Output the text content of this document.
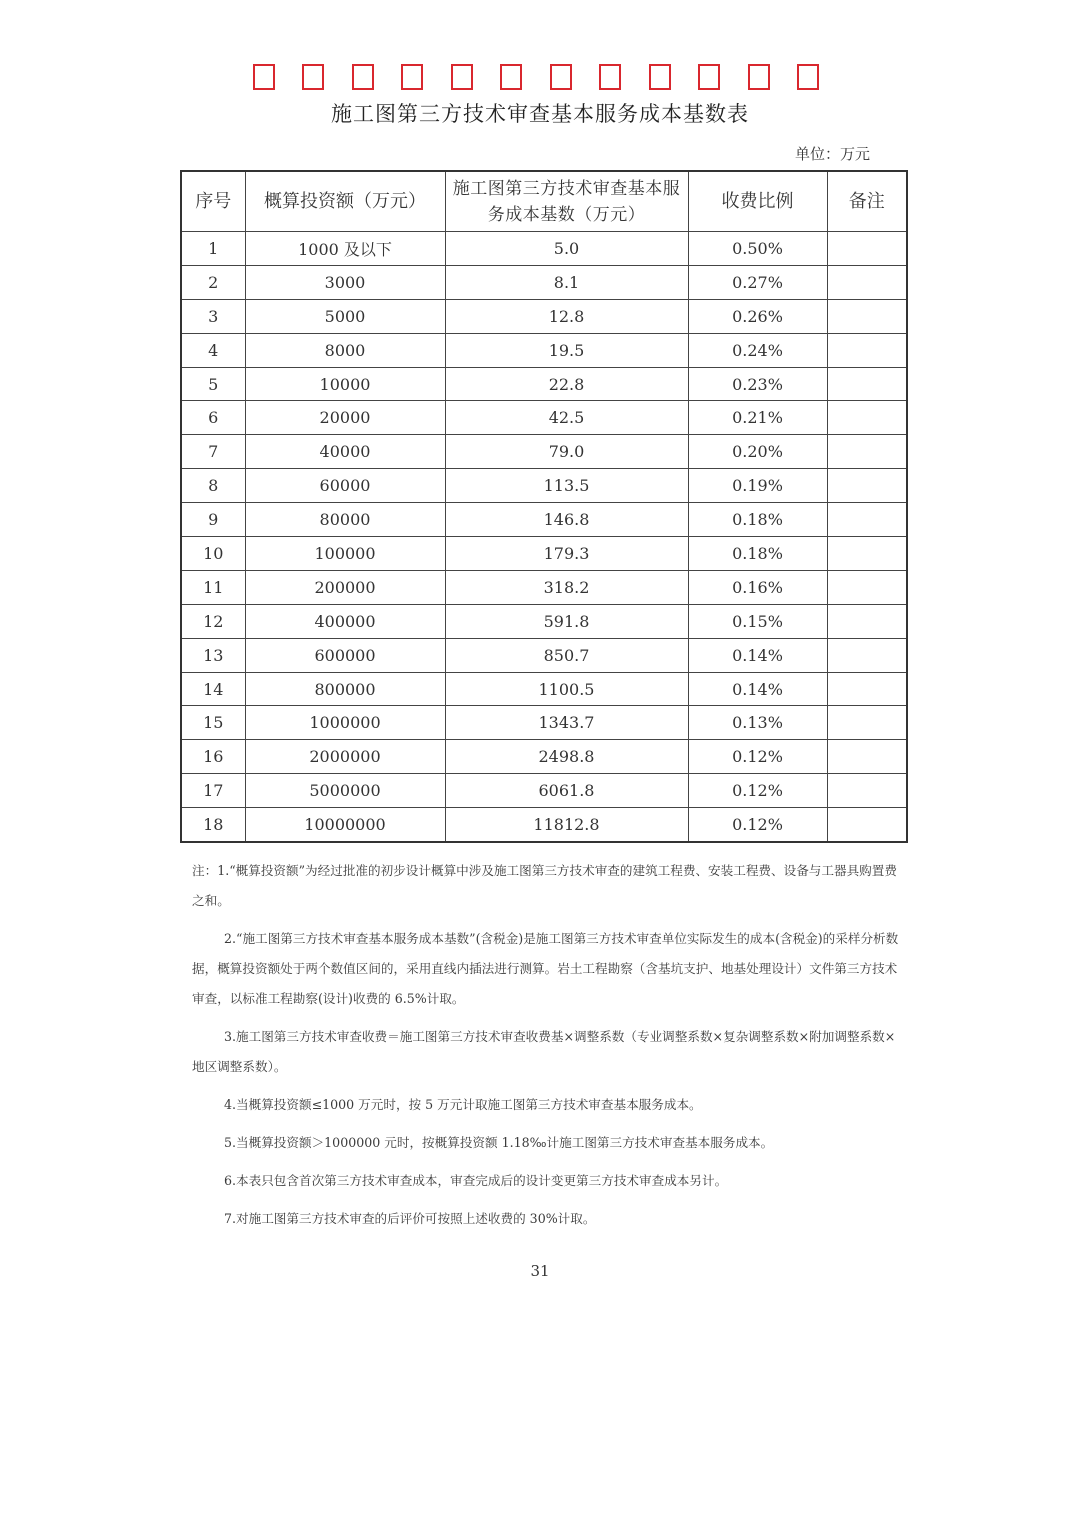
施工图第三方技术审查基本服务成本基数表
单位：万元
序号	概算投资额（万元）	施工图第三方技术审查基本服务成本基数（万元）	收费比例	备注
1	1000 及以下	5.0	0.50%	
2	3000	8.1	0.27%	
3	5000	12.8	0.26%	
4	8000	19.5	0.24%	
5	10000	22.8	0.23%	
6	20000	42.5	0.21%	
7	40000	79.0	0.20%	
8	60000	113.5	0.19%	
9	80000	146.8	0.18%	
10	100000	179.3	0.18%	
11	200000	318.2	0.16%	
12	400000	591.8	0.15%	
13	600000	850.7	0.14%	
14	800000	1100.5	0.14%	
15	1000000	1343.7	0.13%	
16	2000000	2498.8	0.12%	
17	5000000	6061.8	0.12%	
18	10000000	11812.8	0.12%	

注：1.“概算投资额”为经过批准的初步设计概算中涉及施工图第三方技术审查的建筑工程费、安装工程费、设备与工器具购置费之和。

2.“施工图第三方技术审查基本服务成本基数”(含税金)是施工图第三方技术审查单位实际发生的成本(含税金)的采样分析数据，概算投资额处于两个数值区间的，采用直线内插法进行测算。岩土工程勘察（含基坑支护、地基处理设计）文件第三方技术审查，以标准工程勘察(设计)收费的 6.5%计取。

3.施工图第三方技术审查收费＝施工图第三方技术审查收费基×调整系数（专业调整系数×复杂调整系数×附加调整系数×地区调整系数）。

4.当概算投资额≤1000 万元时，按 5 万元计取施工图第三方技术审查基本服务成本。

5.当概算投资额＞1000000 元时，按概算投资额 1.18‰计施工图第三方技术审查基本服务成本。

6.本表只包含首次第三方技术审查成本，审查完成后的设计变更第三方技术审查成本另计。

7.对施工图第三方技术审查的后评价可按照上述收费的 30%计取。

31
